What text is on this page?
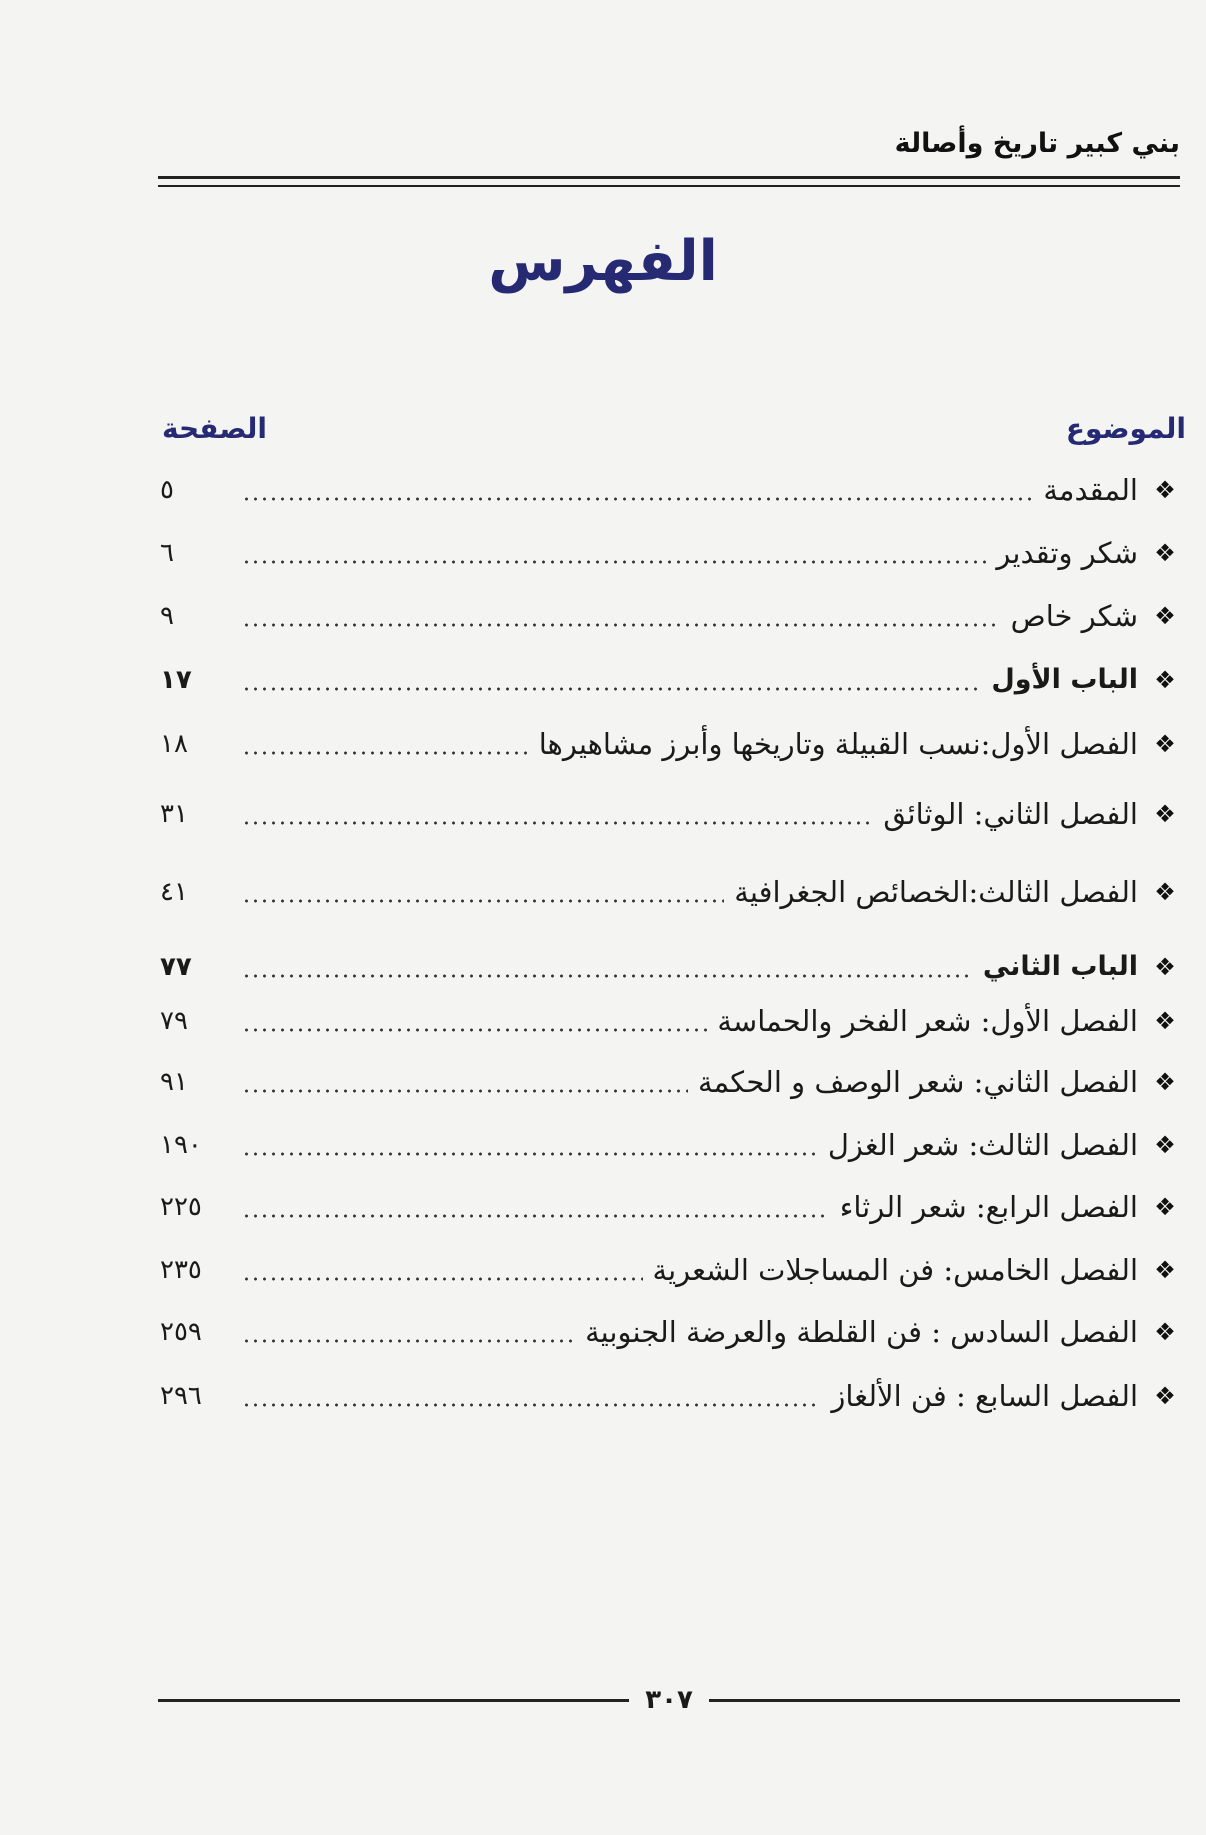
بني كبير تاريخ وأصالة
الفهرس
الموضوع
الصفحة
❖
المقدمة
٥
❖
شكر وتقدير
٦
❖
شكر خاص
٩
❖
الباب الأول
١٧
❖
الفصل الأول:نسب القبيلة وتاريخها وأبرز مشاهيرها
١٨
❖
الفصل الثاني: الوثائق
٣١
❖
الفصل الثالث:الخصائص الجغرافية
٤١
❖
الباب الثاني
٧٧
❖
الفصل الأول: شعر الفخر والحماسة
٧٩
❖
الفصل الثاني: شعر الوصف و الحكمة
٩١
❖
الفصل الثالث: شعر الغزل
١٩٠
❖
الفصل الرابع: شعر الرثاء
٢٢٥
❖
الفصل الخامس: فن المساجلات الشعرية
٢٣٥
❖
الفصل السادس : فن القلطة والعرضة الجنوبية
٢٥٩
❖
الفصل السابع : فن الألغاز
٢٩٦
٣٠٧
